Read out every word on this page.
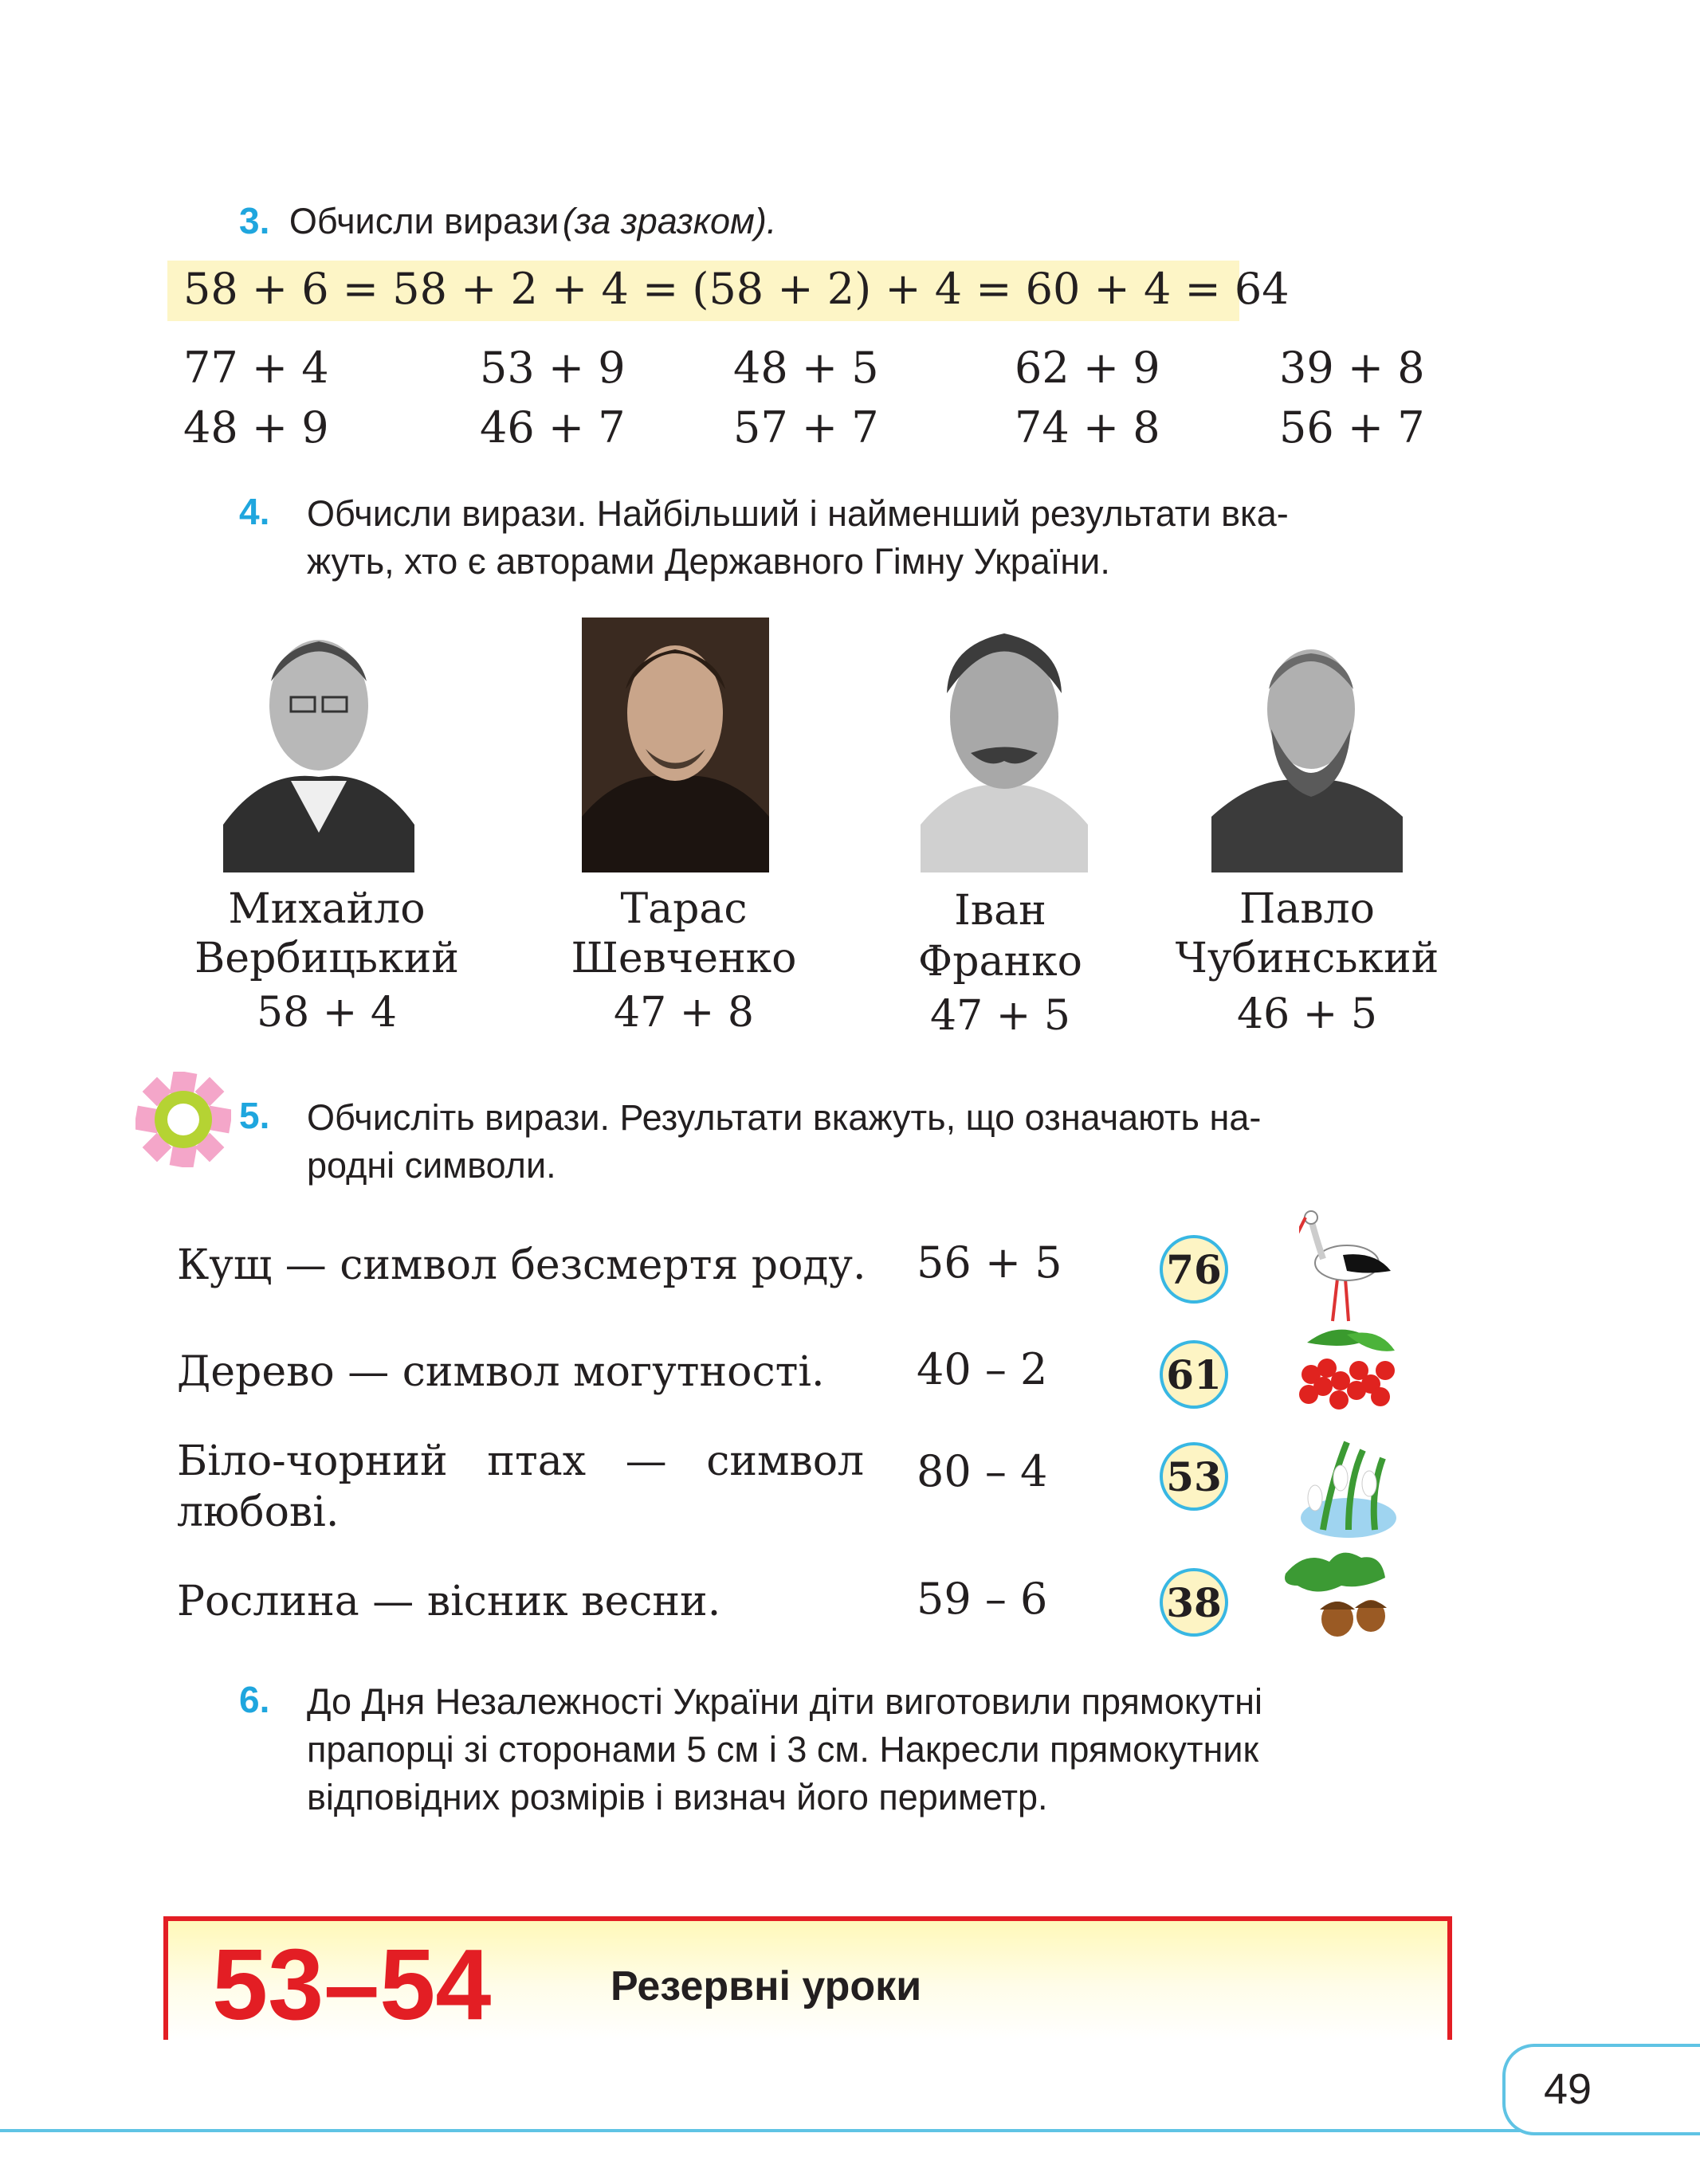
3. Обчисли вирази (за зразком).
58 + 6 = 58 + 2 + 4 = (58 + 2) + 4 = 60 + 4 = 64
77 + 4	53 + 9	48 + 5	62 + 9	39 + 8
48 + 9	46 + 7	57 + 7	74 + 8	56 + 7
4. Обчисли вирази. Найбільший і найменший результати вка-
жуть, хто є авторами Державного Гімну України.
Михайло
Вербицький
58 + 4
Тарас
Шевченко
47 + 8
Іван
Франко
47 + 5
Павло
Чубинський
46 + 5
5. Обчисліть вирази. Результати вкажуть, що означають на-
родні символи.
Кущ — символ безсмертя роду. 56 + 5	76
Дерево — символ могутності. 40 – 2	61
Біло-чорний   птах   —   символ
любові.
80 – 4	53
Рослина — вісник весни.	59 – 6	38
6. До Дня Незалежності України діти виготовили прямокутні
прапорці зі сторонами 5 см і 3 см. Накресли прямокутник
відповідних розмірів і визнач його периметр.
53–54	Резервні уроки
49
